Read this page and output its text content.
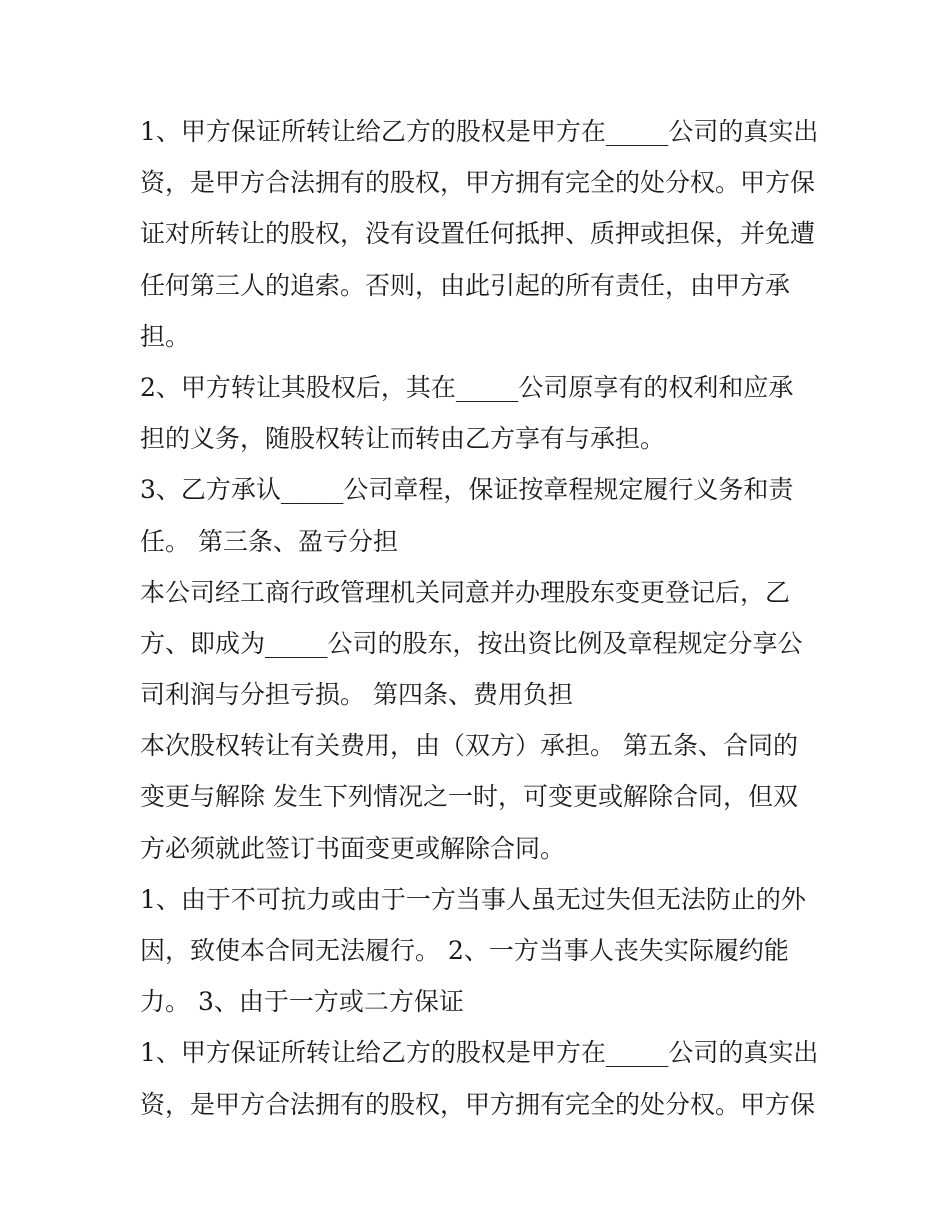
1、甲方保证所转让给乙方的股权是甲方在_____公司的真实出
资，是甲方合法拥有的股权，甲方拥有完全的处分权。甲方保
证对所转让的股权，没有设置任何抵押、质押或担保，并免遭
任何第三人的追索。否则，由此引起的所有责任，由甲方承
担。
2、甲方转让其股权后，其在_____公司原享有的权利和应承
担的义务，随股权转让而转由乙方享有与承担。
3、乙方承认_____公司章程，保证按章程规定履行义务和责
任。 第三条、盈亏分担
本公司经工商行政管理机关同意并办理股东变更登记后，乙
方、即成为_____公司的股东，按出资比例及章程规定分享公
司利润与分担亏损。 第四条、费用负担
本次股权转让有关费用，由（双方）承担。 第五条、合同的
变更与解除 发生下列情况之一时，可变更或解除合同，但双
方必须就此签订书面变更或解除合同。
1、由于不可抗力或由于一方当事人虽无过失但无法防止的外
因，致使本合同无法履行。 2、一方当事人丧失实际履约能
力。 3、由于一方或二方保证
1、甲方保证所转让给乙方的股权是甲方在_____公司的真实出
资，是甲方合法拥有的股权，甲方拥有完全的处分权。甲方保
